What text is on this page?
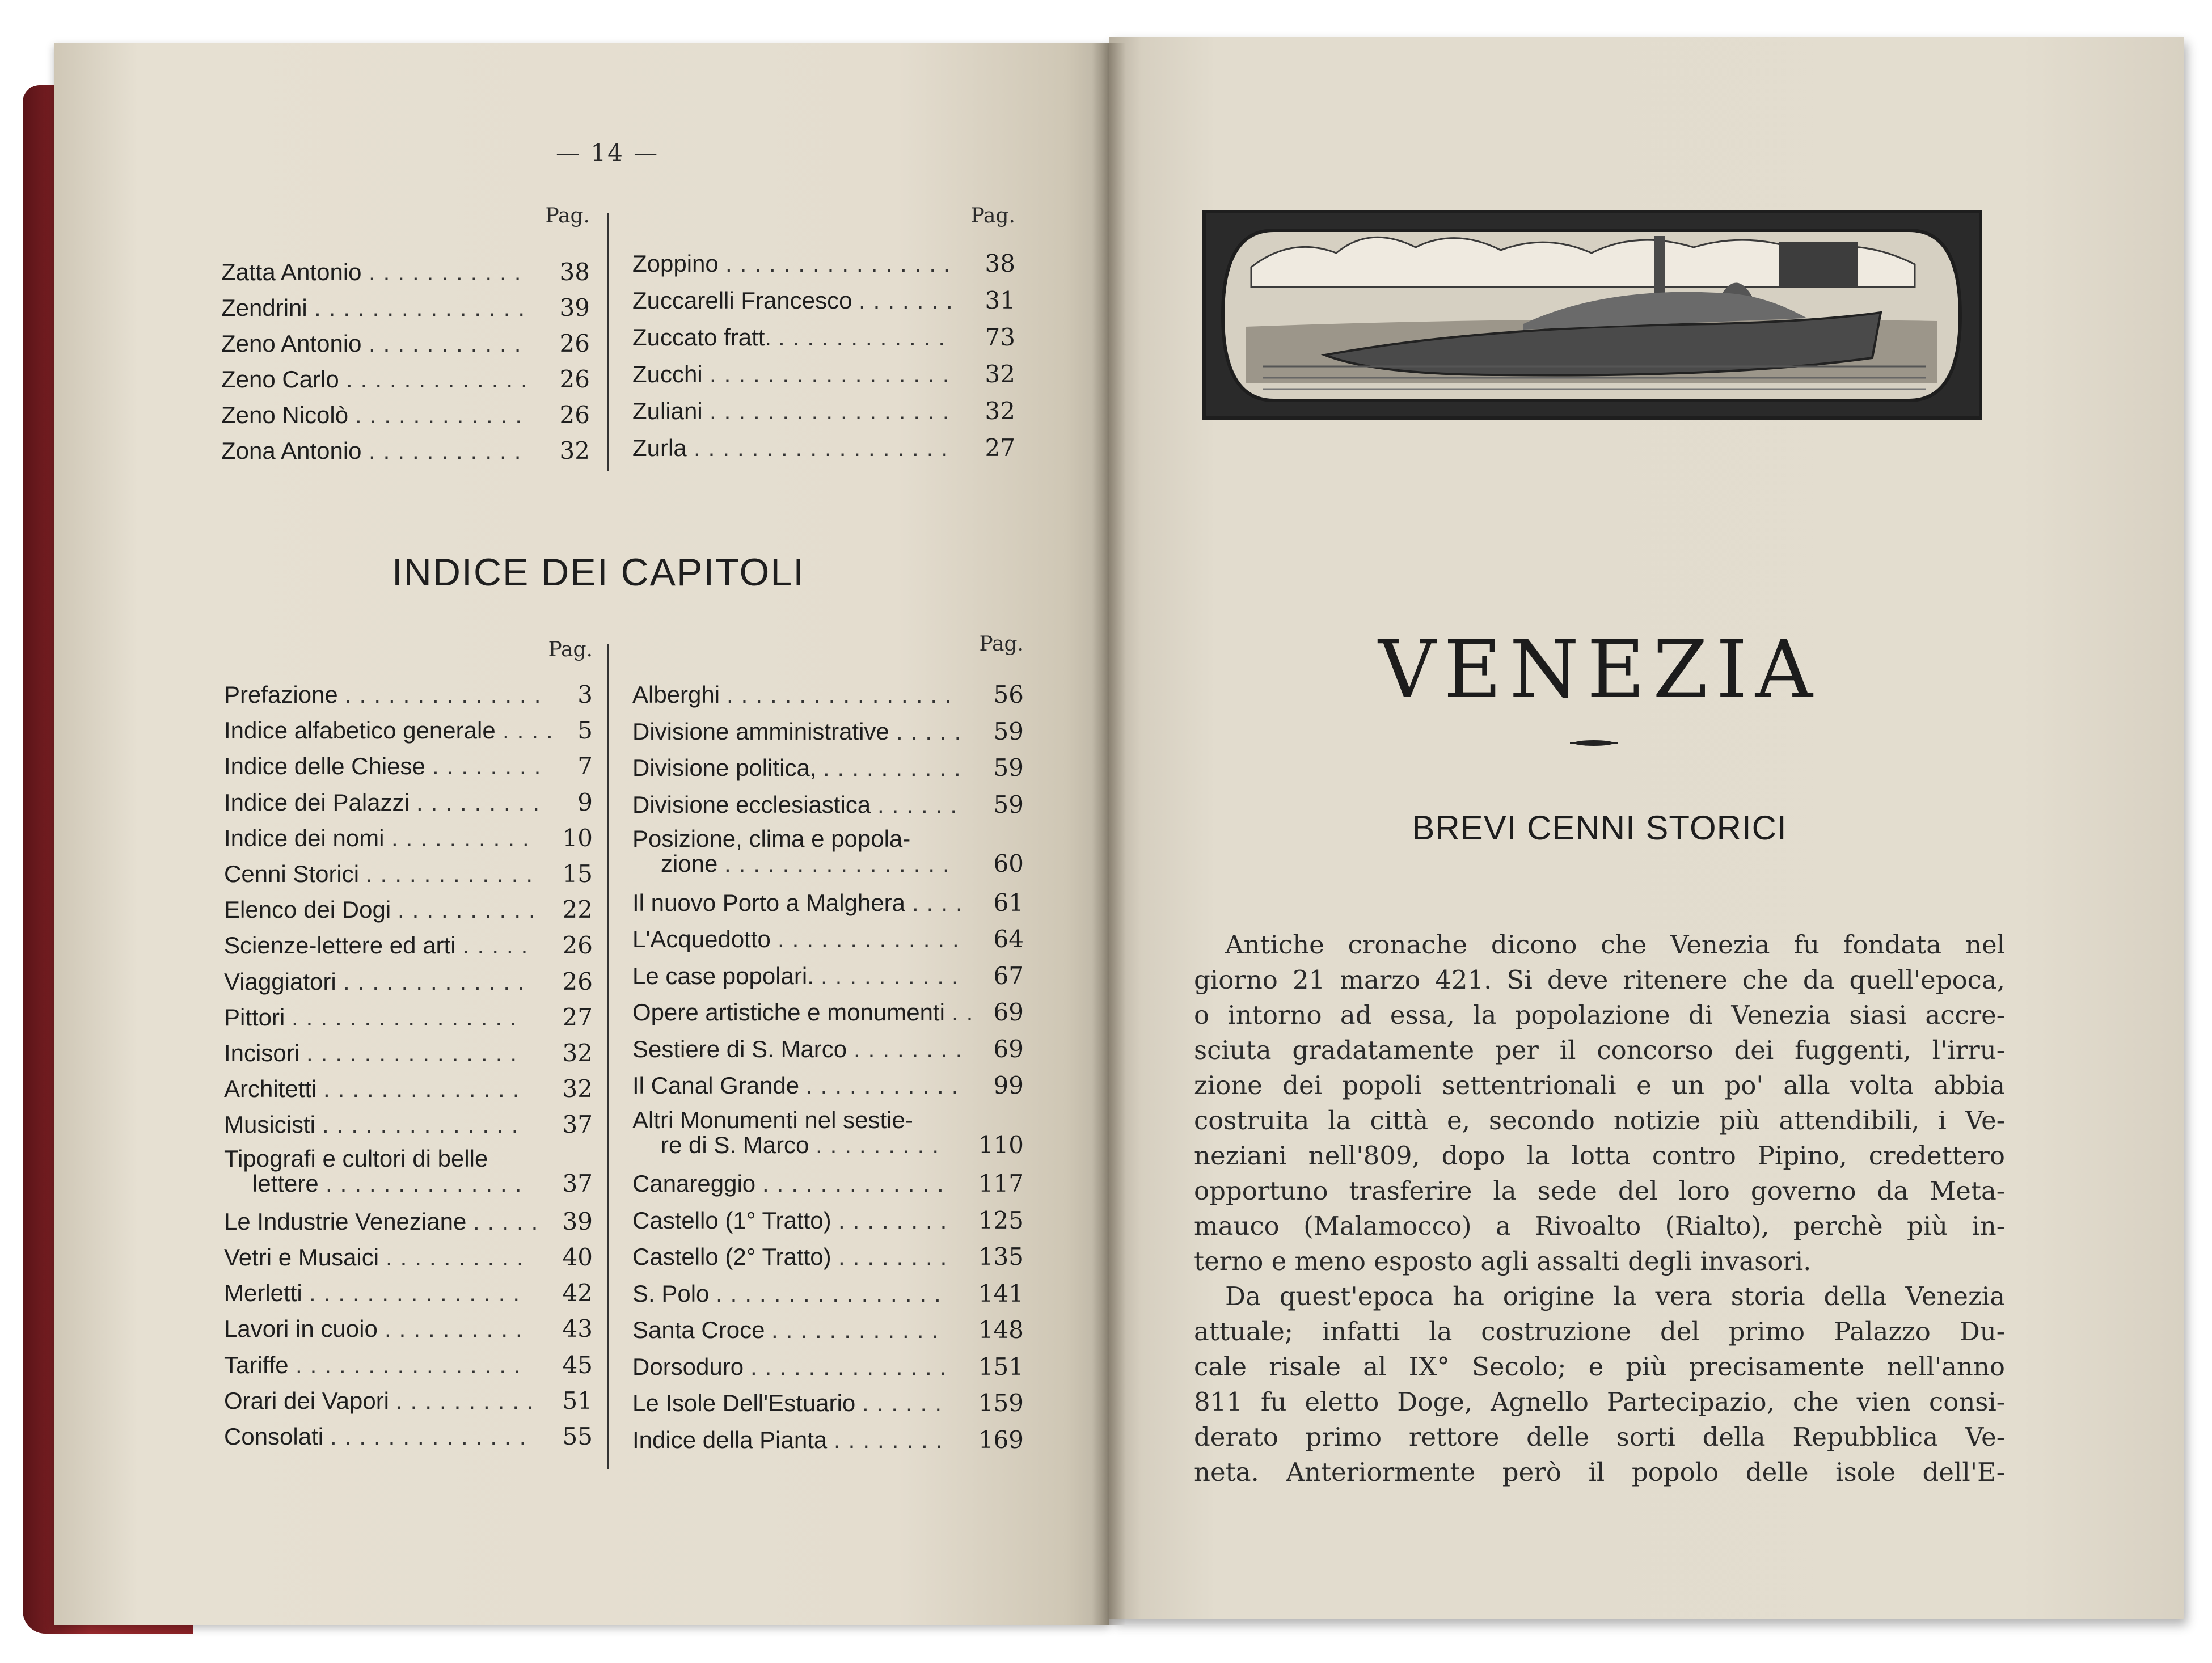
— 14 —
Pag.
Zatta Antonio	38
...........
Zendrini	39
...............
Zeno Antonio	26
...........
Zeno Carlo	26
.............
Zeno Nicolò	26
............
Zona Antonio	32
...........
Pag.
Zoppino	38
................
Zuccarelli Francesco	31
.......
Zuccato fratt.	73
............
Zucchi	32
.................
Zuliani	32
.................
Zurla	27
..................
INDICE DEI CAPITOLI
Pag.
Prefazione	3
..............
Indice alfabetico generale	5
....
Indice delle Chiese	7
........
Indice dei Palazzi	9
.........
Indice dei nomi	10
..........
Cenni Storici	15
............
Elenco dei Dogi	22
..........
Scienze-lettere ed arti	26
.....
Viaggiatori	26
.............
Pittori	27
................
Incisori	32
...............
Architetti	32
..............
Musicisti	37
..............
Tipografi e cultori di belle
lettere	37
..............
Le Industrie Veneziane	39
.....
Vetri e Musaici	40
..........
Merletti	42
...............
Lavori in cuoio	43
..........
Tariffe	45
................
Orari dei Vapori	51
..........
Consolati	55
..............
Pag.
Alberghi	56
................
Divisione amministrative	59
.....
Divisione politica,	59
..........
Divisione ecclesiastica	59
......
Posizione, clima e popola-
zione	60
................
Il nuovo Porto a Malghera	61
....
L'Acquedotto	64
.............
Le case popolari.	67
..........
Opere artistiche e monumenti 69
..
Sestiere di S. Marco	69
........
Il Canal Grande	99
...........
Altri Monumenti nel sestie-
re di S. Marco	110
.........
Canareggio	117
.............
Castello (1° Tratto)	125
........
Castello (2° Tratto)	135
........
S. Polo	141
................
Santa Croce	148
............
Dorsoduro	151
..............
Le Isole Dell'Estuario	159
......
Indice della Pianta	169
........
VENEZIA
BREVI CENNI STORICI
Antiche cronache dicono che Venezia fu fondata nel
giorno 21 marzo 421. Si deve ritenere che da quell'epoca,
o intorno ad essa, la popolazione di Venezia siasi accre-
sciuta gradatamente per il concorso dei fuggenti, l'irru-
zione dei popoli settentrionali e un po' alla volta abbia
costruita la città e, secondo notizie più attendibili, i Ve-
neziani nell'809, dopo la lotta contro Pipino, credettero
opportuno trasferire la sede del loro governo da Meta-
mauco (Malamocco) a Rivoalto (Rialto), perchè più in-
terno e meno esposto agli assalti degli invasori.
Da quest'epoca ha origine la vera storia della Venezia
attuale; infatti la costruzione del primo Palazzo Du-
cale risale al IX° Secolo; e più precisamente nell'anno
811 fu eletto Doge, Agnello Partecipazio, che vien consi-
derato primo rettore delle sorti della Repubblica Ve-
neta. Anteriormente però il popolo delle isole dell'E-
